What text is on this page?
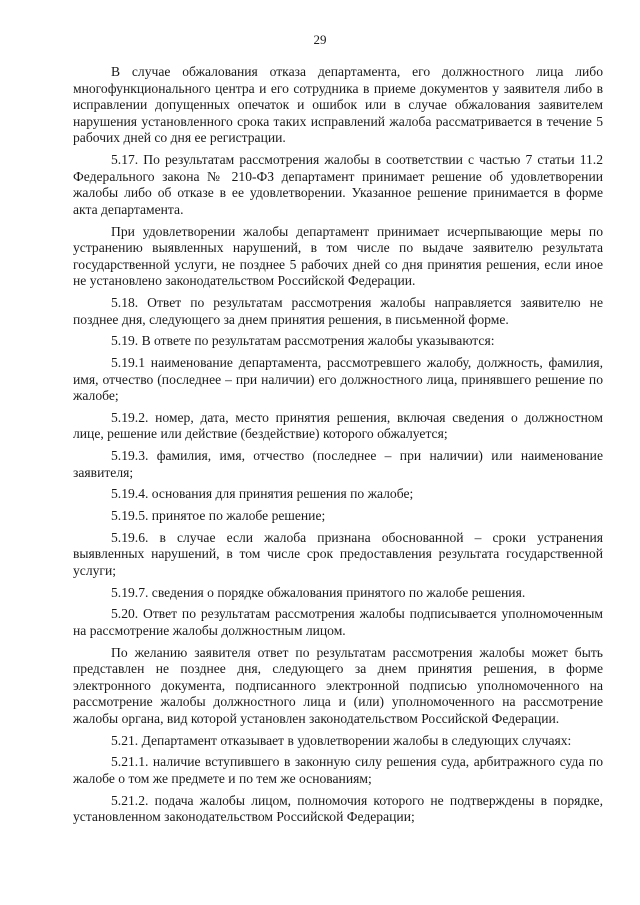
29

В случае обжалования отказа департамента, его должностного лица либо многофункционального центра и его сотрудника в приеме документов у заявителя либо в исправлении допущенных опечаток и ошибок или в случае обжалования заявителем нарушения установленного срока таких исправлений жалоба рассматривается в течение 5 рабочих дней со дня ее регистрации.

5.17. По результатам рассмотрения жалобы в соответствии с частью 7 статьи 11.2 Федерального закона № 210-ФЗ департамент принимает решение об удовлетворении жалобы либо об отказе в ее удовлетворении. Указанное решение принимается в форме акта департамента.

При удовлетворении жалобы департамент принимает исчерпывающие меры по устранению выявленных нарушений, в том числе по выдаче заявителю результата государственной услуги, не позднее 5 рабочих дней со дня принятия решения, если иное не установлено законодательством Российской Федерации.

5.18. Ответ по результатам рассмотрения жалобы направляется заявителю не позднее дня, следующего за днем принятия решения, в письменной форме.

5.19. В ответе по результатам рассмотрения жалобы указываются:

5.19.1 наименование департамента, рассмотревшего жалобу, должность, фамилия, имя, отчество (последнее – при наличии) его должностного лица, принявшего решение по жалобе;

5.19.2. номер, дата, место принятия решения, включая сведения о должностном лице, решение или действие (бездействие) которого обжалуется;

5.19.3. фамилия, имя, отчество (последнее – при наличии) или наименование заявителя;

5.19.4. основания для принятия решения по жалобе;

5.19.5. принятое по жалобе решение;

5.19.6. в случае если жалоба признана обоснованной – сроки устранения выявленных нарушений, в том числе срок предоставления результата государственной услуги;

5.19.7. сведения о порядке обжалования принятого по жалобе решения.

5.20. Ответ по результатам рассмотрения жалобы подписывается уполномоченным на рассмотрение жалобы должностным лицом.

По желанию заявителя ответ по результатам рассмотрения жалобы может быть представлен не позднее дня, следующего за днем принятия решения, в форме электронного документа, подписанного электронной подписью уполномоченного на рассмотрение жалобы должностного лица и (или) уполномоченного на рассмотрение жалобы органа, вид которой установлен законодательством Российской Федерации.

5.21. Департамент отказывает в удовлетворении жалобы в следующих случаях:

5.21.1. наличие вступившего в законную силу решения суда, арбитражного суда по жалобе о том же предмете и по тем же основаниям;

5.21.2. подача жалобы лицом, полномочия которого не подтверждены в порядке, установленном законодательством Российской Федерации;
